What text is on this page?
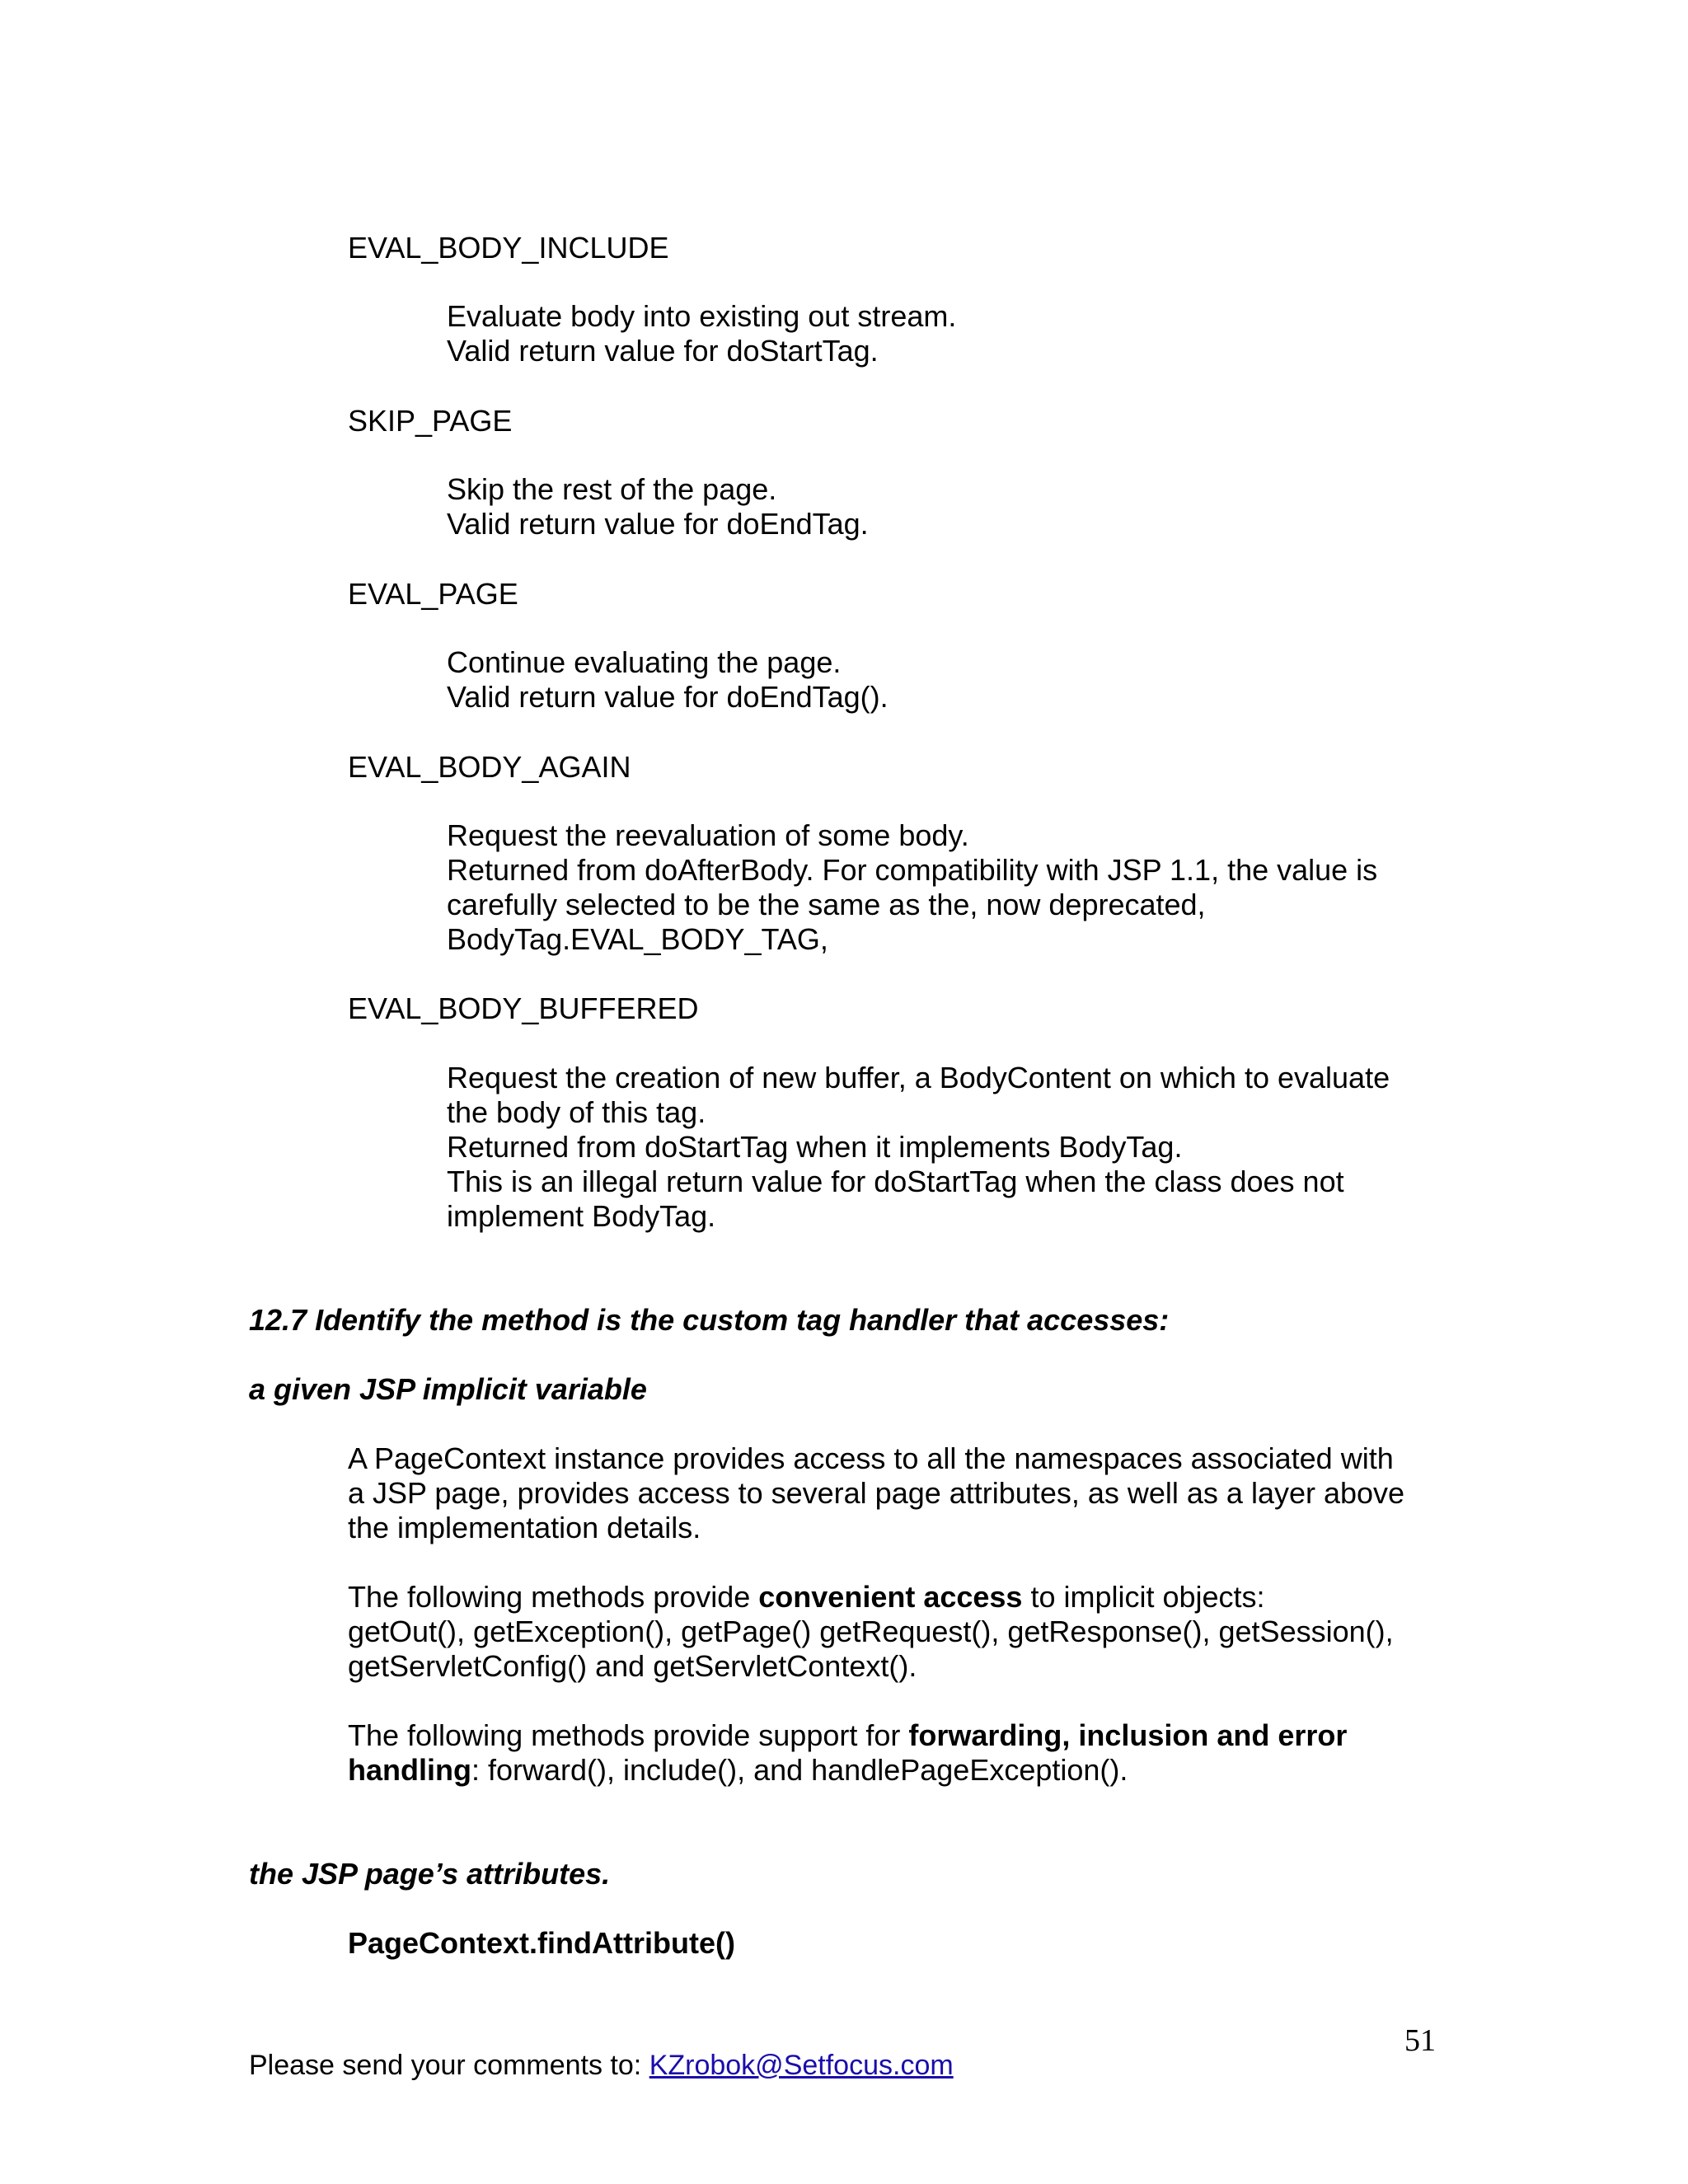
EVAL_BODY_INCLUDE
Evaluate body into existing out stream.
Valid return value for doStartTag.
SKIP_PAGE
Skip the rest of the page.
Valid return value for doEndTag.
EVAL_PAGE
Continue evaluating the page.
Valid return value for doEndTag().
EVAL_BODY_AGAIN
Request the reevaluation of some body.
Returned from doAfterBody. For compatibility with JSP 1.1, the value is
carefully selected to be the same as the, now deprecated,
BodyTag.EVAL_BODY_TAG,
EVAL_BODY_BUFFERED
Request the creation of new buffer, a BodyContent on which to evaluate
the body of this tag.
Returned from doStartTag when it implements BodyTag.
This is an illegal return value for doStartTag when the class does not
implement BodyTag.
12.7 Identify the method is the custom tag handler that accesses:
a given JSP implicit variable
A PageContext instance provides access to all the namespaces associated with
a JSP page, provides access to several page attributes, as well as a layer above
the implementation details.
The following methods provide convenient access to implicit objects:
getOut(), getException(), getPage() getRequest(), getResponse(), getSession(),
getServletConfig() and getServletContext().
The following methods provide support for forwarding, inclusion and error
handling: forward(), include(), and handlePageException().
the JSP page’s attributes.
PageContext.findAttribute()
51
Please send your comments to: KZrobok@Setfocus.com
